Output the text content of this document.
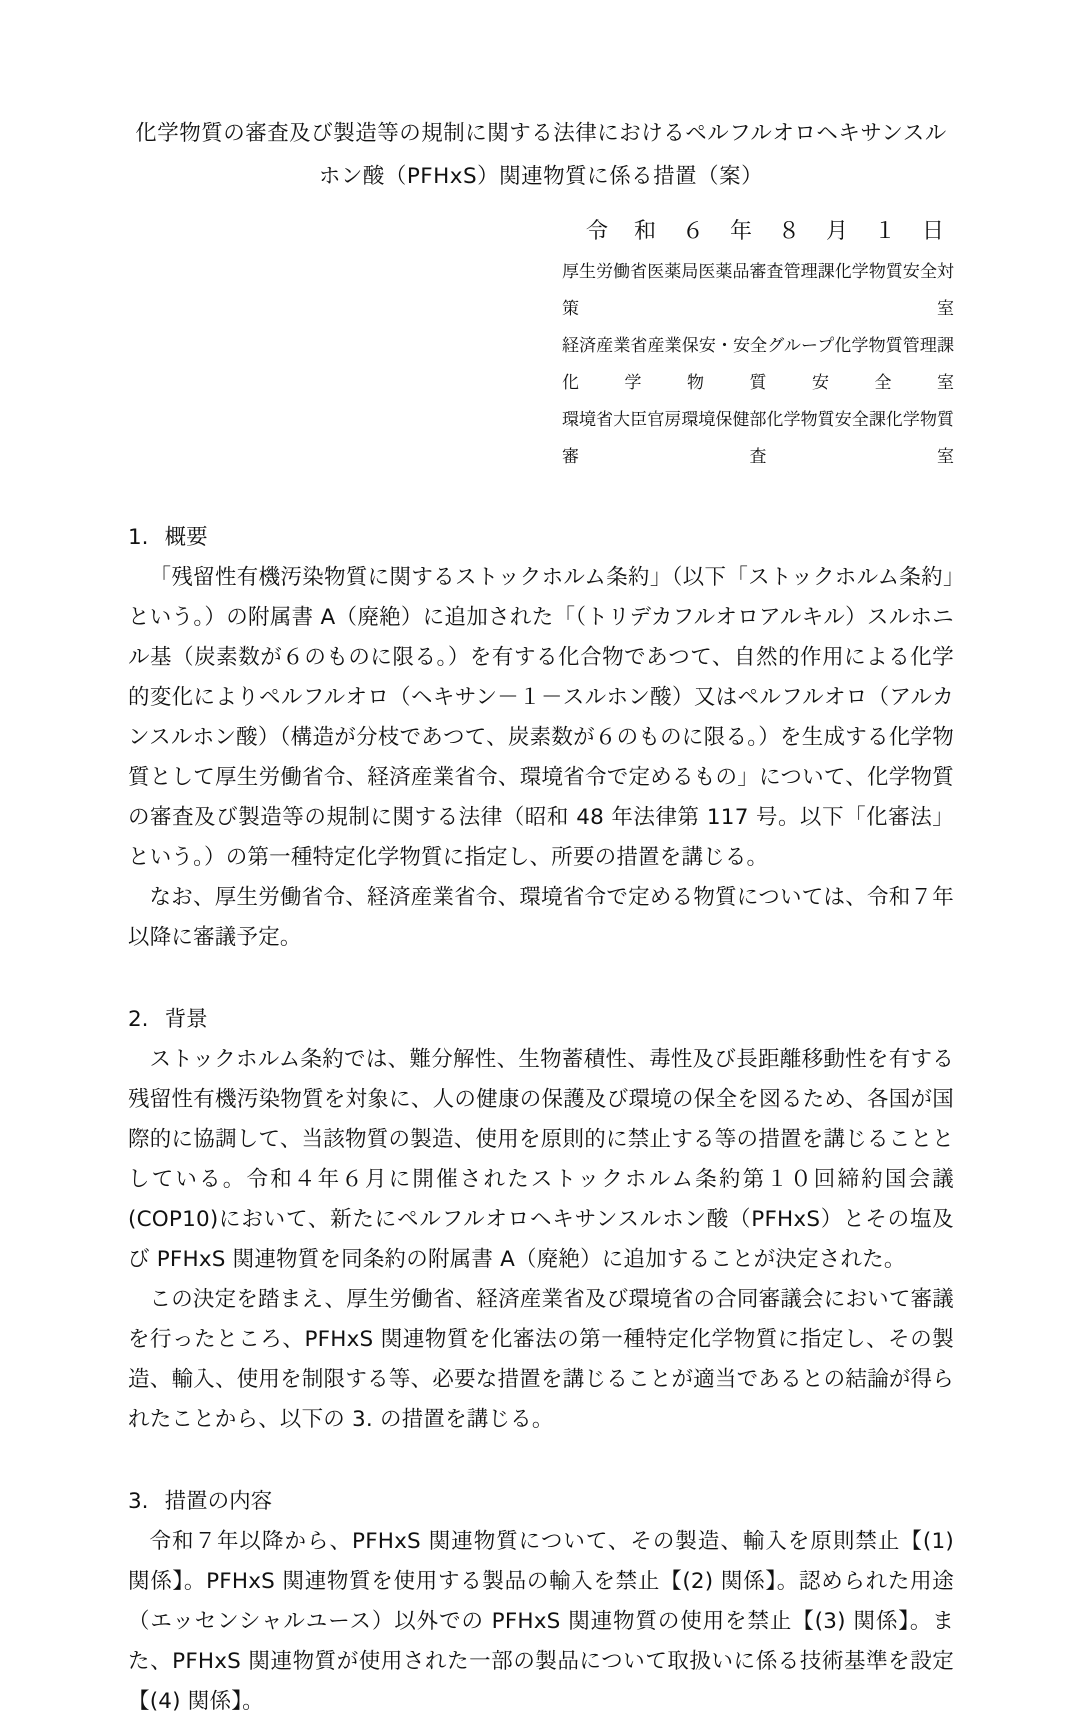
化学物質の審査及び製造等の規制に関する法律におけるペルフルオロヘキサンスル
ホン酸（PFHxS）関連物質に係る措置（案）
令　和　６　年　８　月　１　日
厚生労働省医薬局医薬品審査管理課化学物質安全対策室
経済産業省産業保安・安全グループ化学物質管理課化学物質安全室
環境省大臣官房環境保健部化学物質安全課化学物質審査室
1. 概要

「残留性有機汚染物質に関するストックホルム条約」（以下「ストックホルム条約」という。）の附属書 A（廃絶）に追加された「（トリデカフルオロアルキル）スルホニル基（炭素数が６のものに限る。）を有する化合物であつて、自然的作用による化学的変化によりペルフルオロ（ヘキサン－１－スルホン酸）又はペルフルオロ（アルカンスルホン酸）（構造が分枝であつて、炭素数が６のものに限る。）を生成する化学物質として厚生労働省令、経済産業省令、環境省令で定めるもの」について、化学物質の審査及び製造等の規制に関する法律（昭和 48 年法律第 117 号。以下「化審法」という。）の第一種特定化学物質に指定し、所要の措置を講じる。

なお、厚生労働省令、経済産業省令、環境省令で定める物質については、令和７年以降に審議予定。

2. 背景

ストックホルム条約では、難分解性、生物蓄積性、毒性及び長距離移動性を有する残留性有機汚染物質を対象に、人の健康の保護及び環境の保全を図るため、各国が国際的に協調して、当該物質の製造、使用を原則的に禁止する等の措置を講じることとしている。令和４年６月に開催されたストックホルム条約第１０回締約国会議(COP10)において、新たにペルフルオロヘキサンスルホン酸（PFHxS）とその塩及び PFHxS 関連物質を同条約の附属書 A（廃絶）に追加することが決定された。

この決定を踏まえ、厚生労働省、経済産業省及び環境省の合同審議会において審議を行ったところ、PFHxS 関連物質を化審法の第一種特定化学物質に指定し、その製造、輸入、使用を制限する等、必要な措置を講じることが適当であるとの結論が得られたことから、以下の 3. の措置を講じる。

3. 措置の内容

令和７年以降から、PFHxS 関連物質について、その製造、輸入を原則禁止【(1) 関係】。PFHxS 関連物質を使用する製品の輸入を禁止【(2) 関係】。認められた用途（エッセンシャルユース）以外での PFHxS 関連物質の使用を禁止【(3) 関係】。また、PFHxS 関連物質が使用された一部の製品について取扱いに係る技術基準を設定【(4) 関係】。
